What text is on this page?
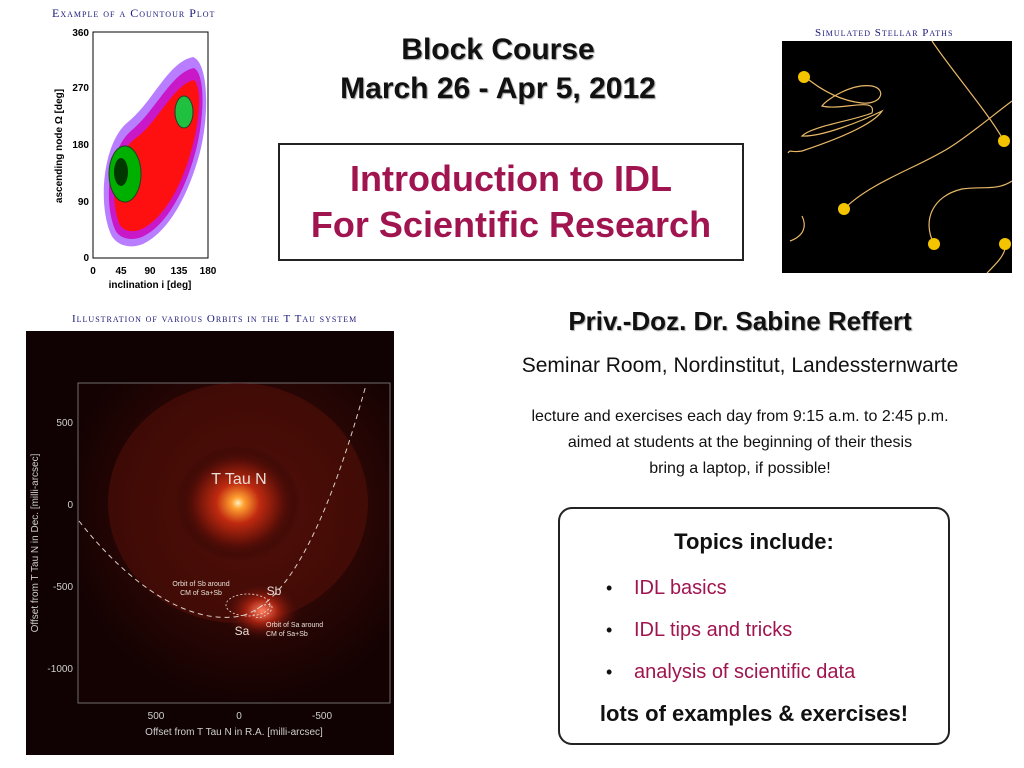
Example of a Countour Plot
360
270
180
90
0
0 45 90 135 180
inclination i [deg]
ascending node Ω [deg]
Block Course
March 26 - Apr 5, 2012
Introduction to IDL
For Scientific Research
Simulated Stellar Paths
Illustration of various Orbits in the T Tau system
T Tau N
Sb
Sa
Orbit of Sb around
CM of Sa+Sb
Orbit of Sa around
CM of Sa+Sb
500
0
-500
-1000
500	0	-500
Offset from T Tau N in R.A. [milli-arcsec]
Offset from T Tau N in Dec. [milli-arcsec]
Priv.-Doz. Dr. Sabine Reffert
Seminar Room, Nordinstitut, Landessternwarte
lecture and exercises each day from 9:15 a.m. to 2:45 p.m.
aimed at students at the beginning of their thesis
bring a laptop, if possible!
Topics include:
•	IDL basics
•	IDL tips and tricks
•	analysis of scientific data
lots of examples & exercises!
